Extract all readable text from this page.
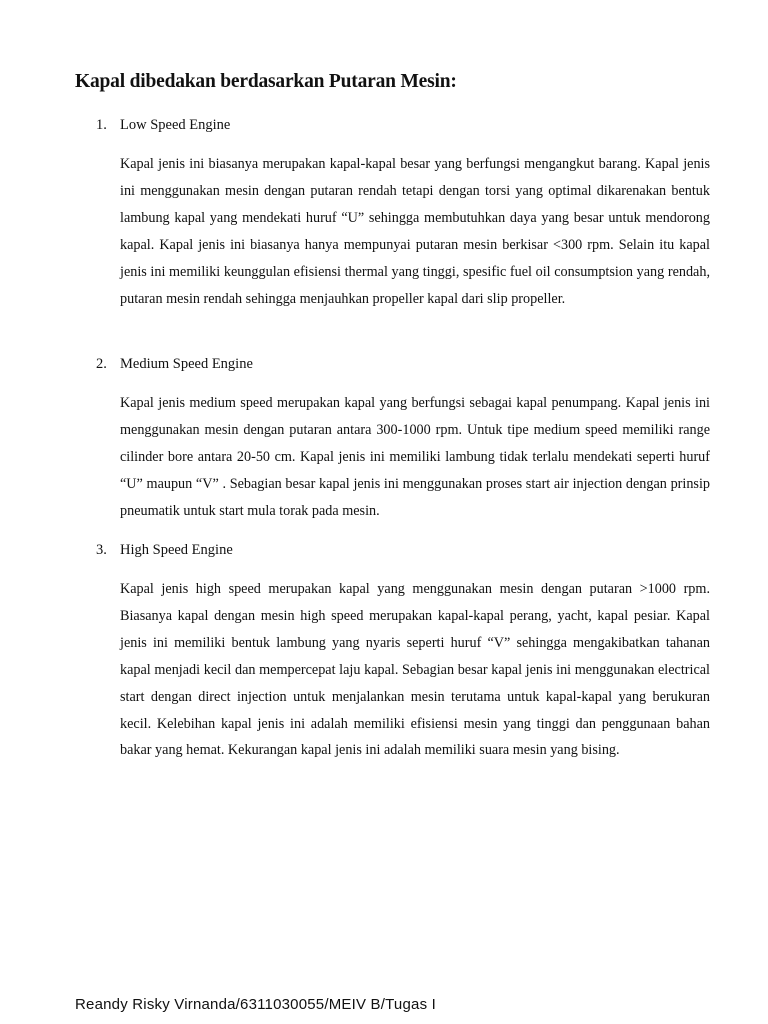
Kapal dibedakan berdasarkan Putaran Mesin:
1. Low Speed Engine

Kapal jenis ini biasanya merupakan kapal-kapal besar yang berfungsi mengangkut barang. Kapal jenis ini menggunakan mesin dengan putaran rendah tetapi dengan torsi yang optimal dikarenakan bentuk lambung kapal yang mendekati huruf “U” sehingga membutuhkan daya yang besar untuk mendorong kapal. Kapal jenis ini biasanya hanya mempunyai putaran mesin berkisar <300 rpm. Selain itu kapal jenis ini memiliki keunggulan efisiensi thermal yang tinggi, spesific fuel oil consumptsion yang rendah, putaran mesin rendah sehingga menjauhkan propeller kapal dari slip propeller.

2. Medium Speed Engine

Kapal jenis medium speed merupakan kapal yang berfungsi sebagai kapal penumpang. Kapal jenis ini menggunakan mesin dengan putaran antara 300-1000 rpm. Untuk tipe medium speed memiliki range cilinder bore antara 20-50 cm. Kapal jenis ini memiliki lambung tidak terlalu mendekati seperti huruf “U” maupun “V” . Sebagian besar kapal jenis ini menggunakan proses start air injection dengan prinsip pneumatik untuk start mula torak pada mesin.

3. High Speed Engine

Kapal jenis high speed merupakan kapal yang menggunakan mesin dengan putaran >1000 rpm. Biasanya kapal dengan mesin high speed merupakan kapal-kapal perang, yacht, kapal pesiar. Kapal jenis ini memiliki bentuk lambung yang nyaris seperti huruf “V” sehingga mengakibatkan tahanan kapal menjadi kecil dan mempercepat laju kapal. Sebagian besar kapal jenis ini menggunakan electrical start dengan direct injection untuk menjalankan mesin terutama untuk kapal-kapal yang berukuran kecil. Kelebihan kapal jenis ini adalah memiliki efisiensi mesin yang tinggi dan penggunaan bahan bakar yang hemat. Kekurangan kapal jenis ini adalah memiliki suara mesin yang bising.

Reandy Risky Virnanda/6311030055/MEIV B/Tugas I
